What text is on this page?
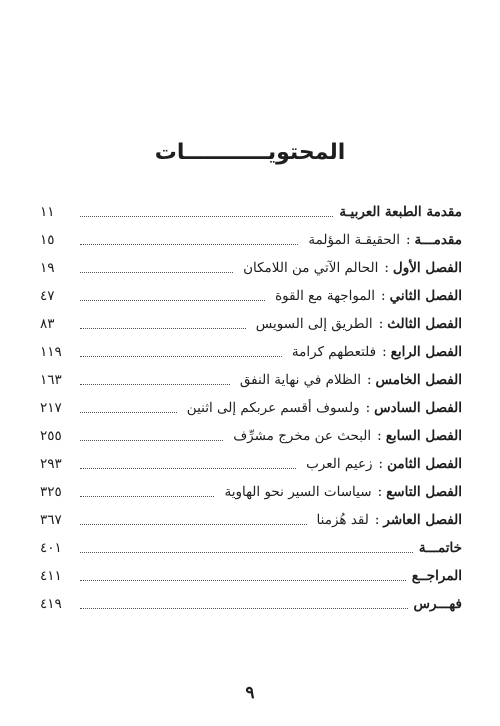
المحتويـــــــــــات
مقدمة الطبعة العربيـة
١١
مقدمـــة
:
الحقيقـة المؤلمة
١٥
الفصل الأول
:
الحالم الآتي من اللامكان
١٩
الفصل الثاني
:
المواجهة مع القوة
٤٧
الفصل الثالث
:
الطريق إلى السويس
٨٣
الفصل الرابع
:
فلتعطهم كرامة
١١٩
الفصل الخامس
:
الظلام في نهاية النفق
١٦٣
الفصل السادس
:
ولسوف أقسم عربكم إلى اثنين
٢١٧
الفصل السابع
:
البحث عن مخرج مشرِّف
٢٥٥
الفصل الثامن
:
زعيم العرب
٢٩٣
الفصل التاسع
:
سياسات السير نحو الهاوية
٣٢٥
الفصل العاشر
:
لقد هُزمنا
٣٦٧
خاتمـــة
٤٠١
المراجــع
٤١١
فهـــرس
٤١٩
٩
